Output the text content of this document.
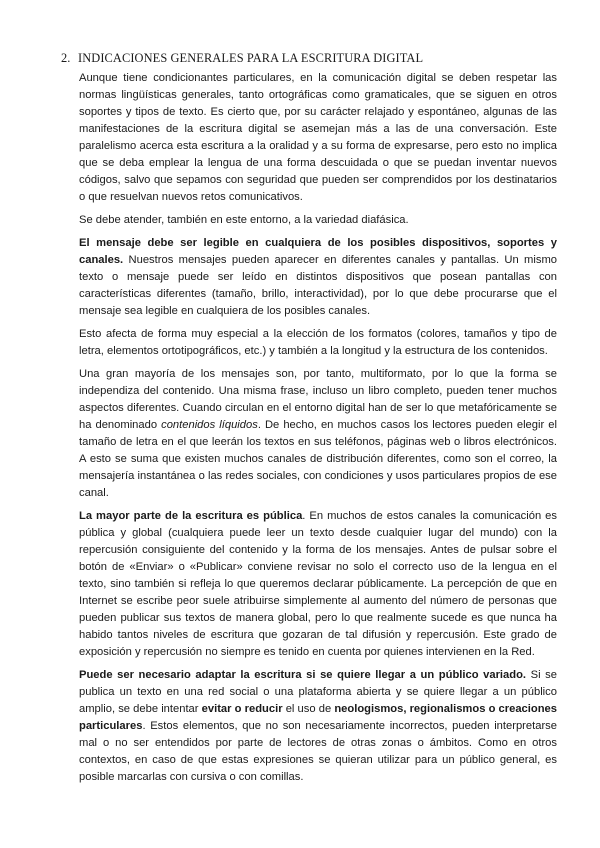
2. INDICACIONES GENERALES PARA LA ESCRITURA DIGITAL

Aunque tiene condicionantes particulares, en la comunicación digital se deben respetar las normas lingüísticas generales, tanto ortográficas como gramaticales, que se siguen en otros soportes y tipos de texto. Es cierto que, por su carácter relajado y espontáneo, algunas de las manifestaciones de la escritura digital se asemejan más a las de una conversación. Este paralelismo acerca esta escritura a la oralidad y a su forma de expresarse, pero esto no implica que se deba emplear la lengua de una forma descuidada o que se puedan inventar nuevos códigos, salvo que sepamos con seguridad que pueden ser comprendidos por los destinatarios o que resuelvan nuevos retos comunicativos.

Se debe atender, también en este entorno, a la variedad diafásica.

El mensaje debe ser legible en cualquiera de los posibles dispositivos, soportes y canales. Nuestros mensajes pueden aparecer en diferentes canales y pantallas. Un mismo texto o mensaje puede ser leído en distintos dispositivos que posean pantallas con características diferentes (tamaño, brillo, interactividad), por lo que debe procurarse que el mensaje sea legible en cualquiera de los posibles canales.

Esto afecta de forma muy especial a la elección de los formatos (colores, tamaños y tipo de letra, elementos ortotipográficos, etc.) y también a la longitud y la estructura de los contenidos.

Una gran mayoría de los mensajes son, por tanto, multiformato, por lo que la forma se independiza del contenido. Una misma frase, incluso un libro completo, pueden tener muchos aspectos diferentes. Cuando circulan en el entorno digital han de ser lo que metafóricamente se ha denominado contenidos líquidos. De hecho, en muchos casos los lectores pueden elegir el tamaño de letra en el que leerán los textos en sus teléfonos, páginas web o libros electrónicos. A esto se suma que existen muchos canales de distribución diferentes, como son el correo, la mensajería instantánea o las redes sociales, con condiciones y usos particulares propios de ese canal.

La mayor parte de la escritura es pública. En muchos de estos canales la comunicación es pública y global (cualquiera puede leer un texto desde cualquier lugar del mundo) con la repercusión consiguiente del contenido y la forma de los mensajes. Antes de pulsar sobre el botón de «Enviar» o «Publicar» conviene revisar no solo el correcto uso de la lengua en el texto, sino también si refleja lo que queremos declarar públicamente. La percepción de que en Internet se escribe peor suele atribuirse simplemente al aumento del número de personas que pueden publicar sus textos de manera global, pero lo que realmente sucede es que nunca ha habido tantos niveles de escritura que gozaran de tal difusión y repercusión. Este grado de exposición y repercusión no siempre es tenido en cuenta por quienes intervienen en la Red.

Puede ser necesario adaptar la escritura si se quiere llegar a un público variado. Si se publica un texto en una red social o una plataforma abierta y se quiere llegar a un público amplio, se debe intentar evitar o reducir el uso de neologismos, regionalismos o creaciones particulares. Estos elementos, que no son necesariamente incorrectos, pueden interpretarse mal o no ser entendidos por parte de lectores de otras zonas o ámbitos. Como en otros contextos, en caso de que estas expresiones se quieran utilizar para un público general, es posible marcarlas con cursiva o con comillas.
